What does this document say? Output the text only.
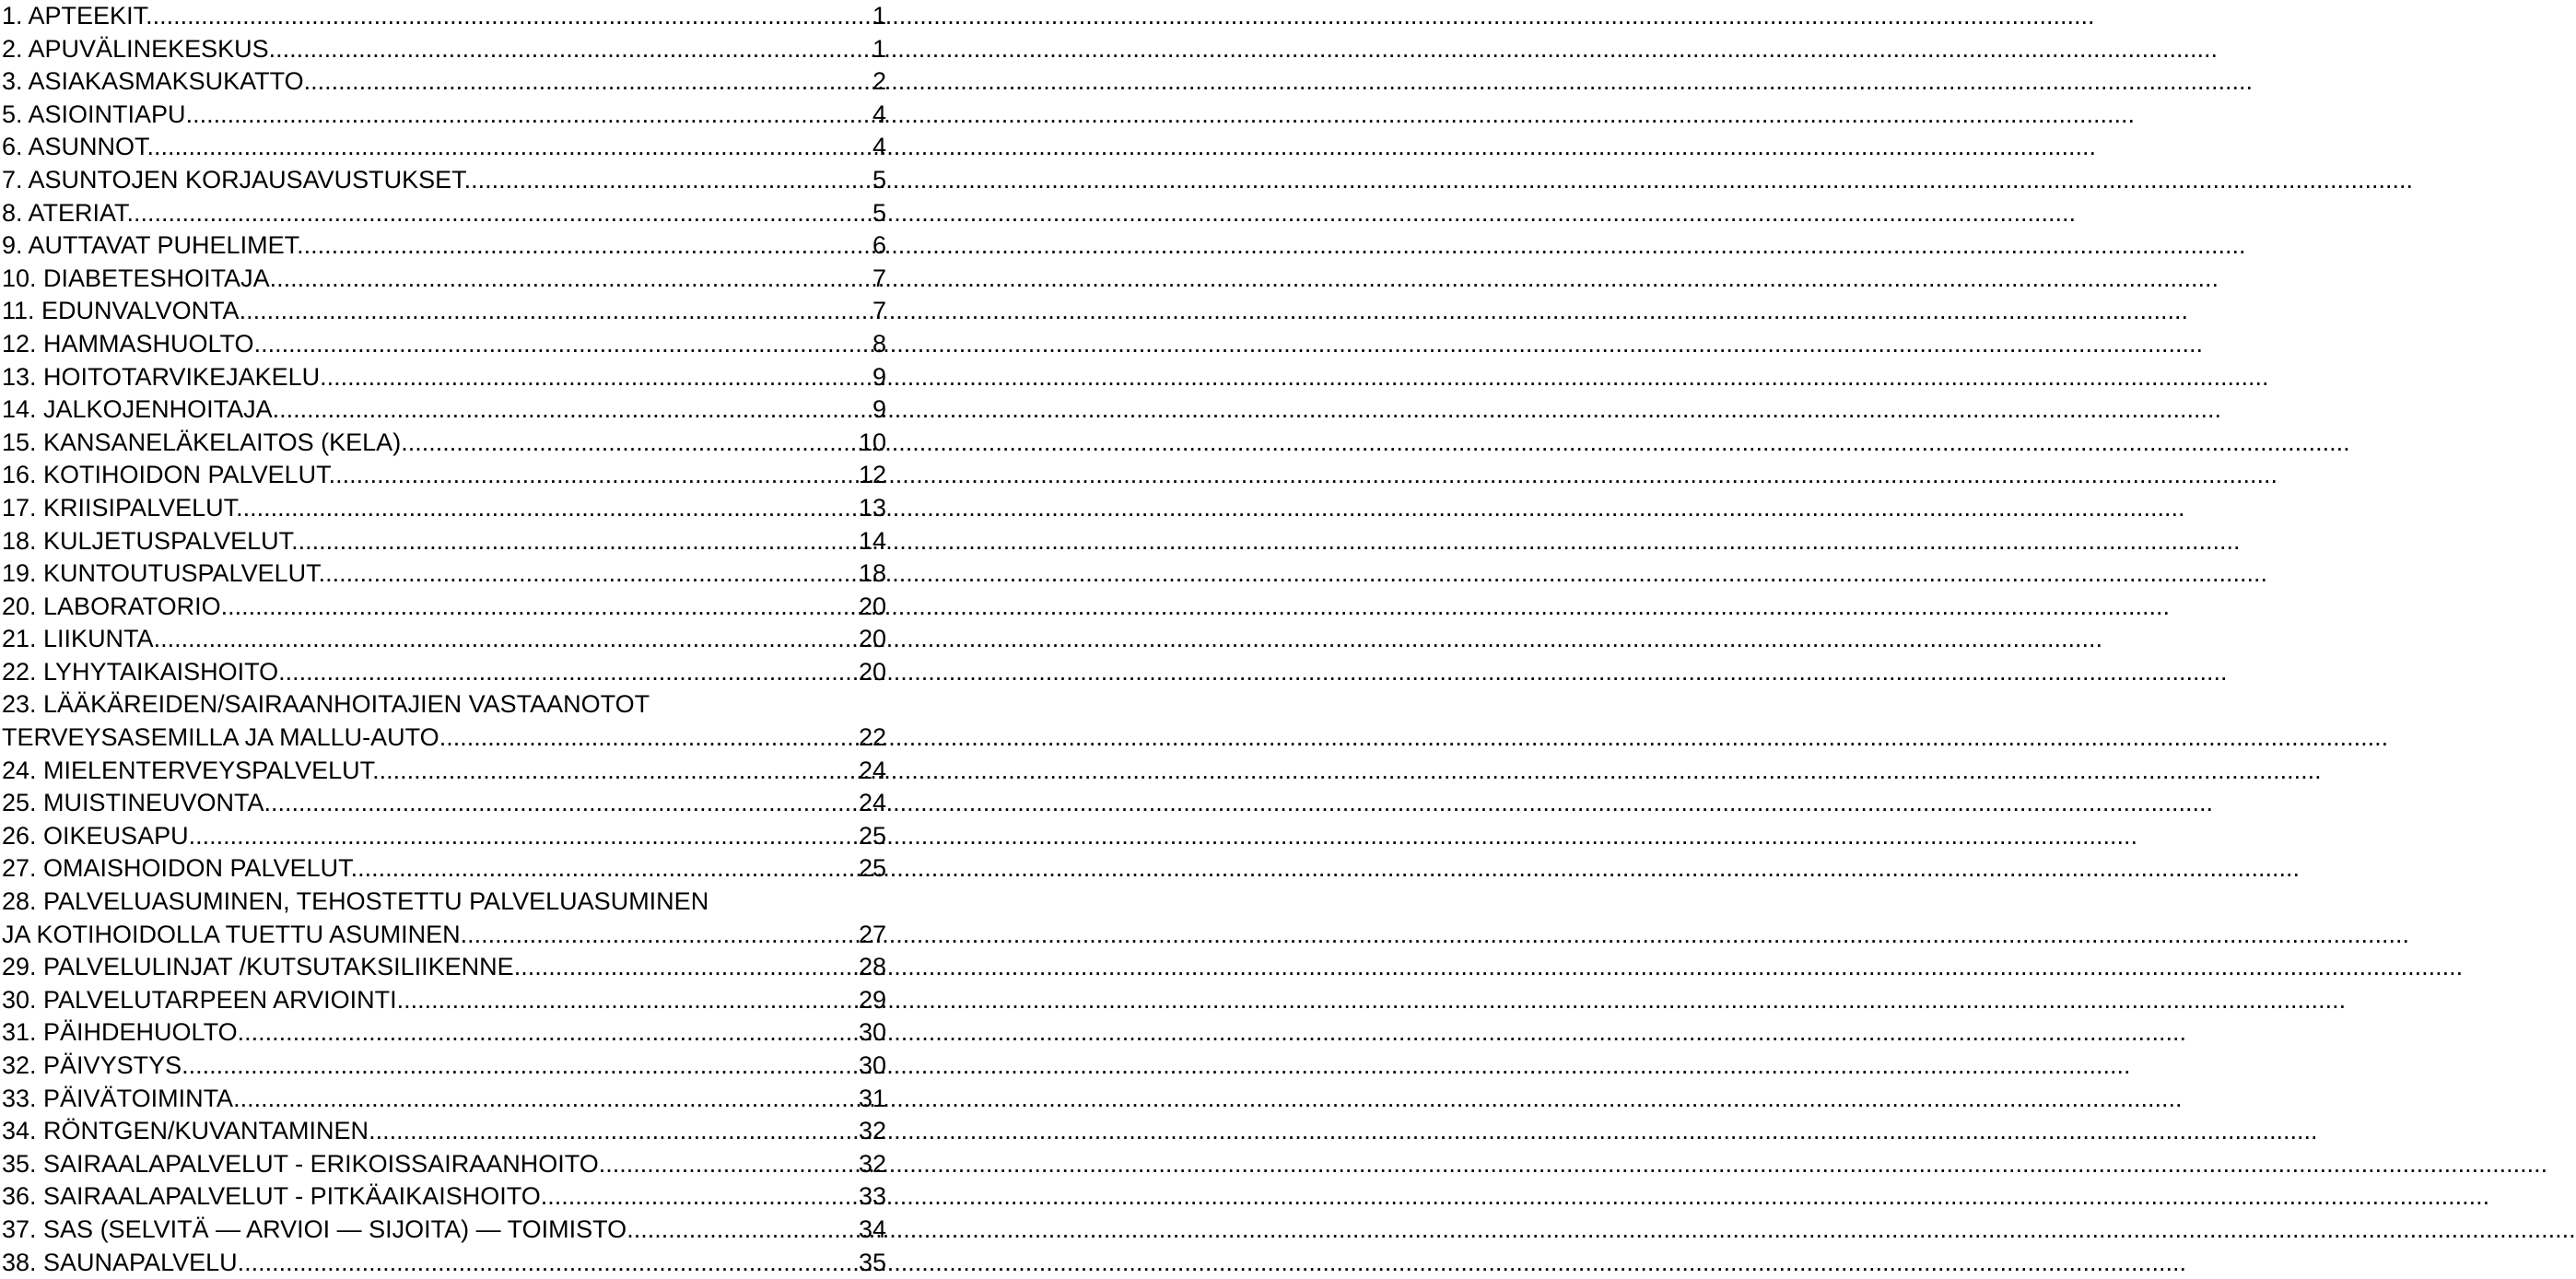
1. APTEEKIT .....	1
2. APUVÄLINEKESKUS .....	1
3. ASIAKASMAKSUKATTO .....	2
5. ASIOINTIAPU .....	4
6. ASUNNOT .....	4
7. ASUNTOJEN KORJAUSAVUSTUKSET .....	5
8. ATERIAT .....	5
9. AUTTAVAT PUHELIMET .....	6
10. DIABETESHOITAJA .....	7
11. EDUNVALVONTA .....	7
12. HAMMASHUOLTO .....	8
13. HOITOTARVIKEJAKELU .....	9
14. JALKOJENHOITAJA .....	9
15. KANSANELÄKELAITOS (KELA) .....	10
16. KOTIHOIDON PALVELUT .....	12
17. KRIISIPALVELUT .....	13
18. KULJETUSPALVELUT .....	14
19. KUNTOUTUSPALVELUT .....	18
20. LABORATORIO .....	20
21. LIIKUNTA .....	20
22. LYHYTAIKAISHOITO .....	20
23. LÄÄKÄREIDEN/SAIRAANHOITAJIEN VASTAANOTOT
TERVEYSASEMILLA JA MALLU-AUTO .....	22
24. MIELENTERVEYSPALVELUT .....	24
25. MUISTINEUVONTA .....	24
26. OIKEUSAPU .....	25
27. OMAISHOIDON PALVELUT .....	25
28. PALVELUASUMINEN, TEHOSTETTU PALVELUASUMINEN
JA KOTIHOIDOLLA TUETTU ASUMINEN .....	27
29. PALVELULINJAT /KUTSUTAKSILIIKENNE .....	28
30. PALVELUTARPEEN ARVIOINTI .....	29
31. PÄIHDEHUOLTO .....	30
32. PÄIVYSTYS .....	30
33. PÄIVÄTOIMINTA .....	31
34. RÖNTGEN/KUVANTAMINEN .....	32
35. SAIRAALAPALVELUT - ERIKOISSAIRAANHOITO .....	32
36. SAIRAALAPALVELUT - PITKÄAIKAISHOITO .....	33
37. SAS (SELVITÄ — ARVIOI — SIJOITA) — TOIMISTO .....	34
38. SAUNAPALVELU .....	35
